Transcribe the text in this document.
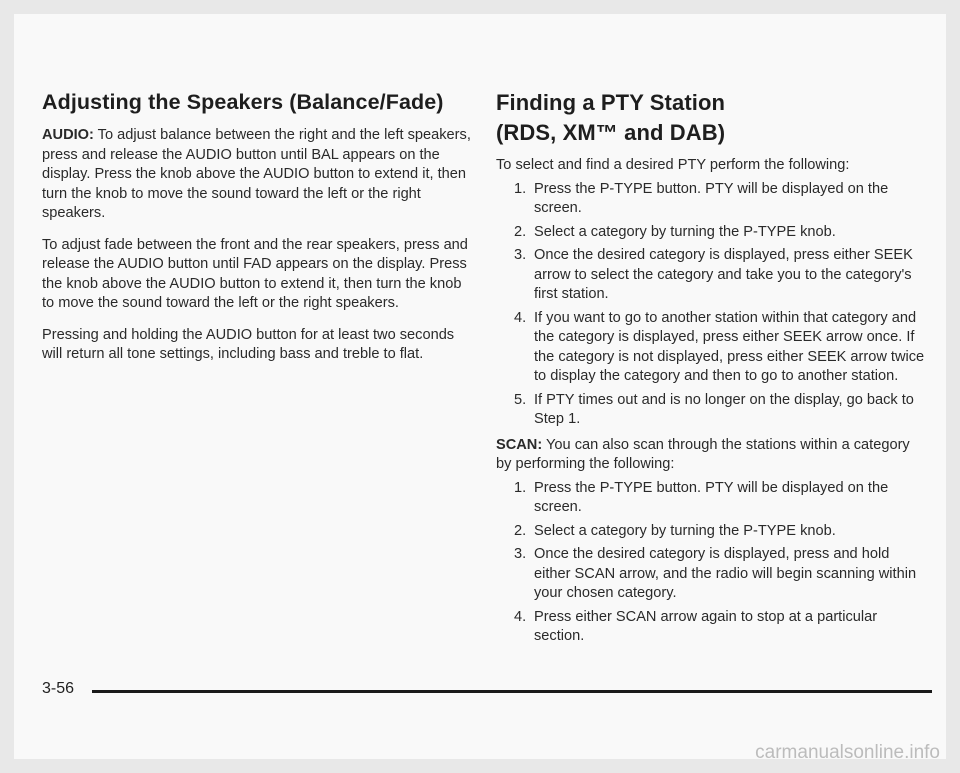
Adjusting the Speakers (Balance/Fade)

AUDIO: To adjust balance between the right and the left speakers, press and release the AUDIO button until BAL appears on the display. Press the knob above the AUDIO button to extend it, then turn the knob to move the sound toward the left or the right speakers.

To adjust fade between the front and the rear speakers, press and release the AUDIO button until FAD appears on the display. Press the knob above the AUDIO button to extend it, then turn the knob to move the sound toward the left or the right speakers.

Pressing and holding the AUDIO button for at least two seconds will return all tone settings, including bass and treble to flat.

Finding a PTY Station
(RDS, XM™ and DAB)

To select and find a desired PTY perform the following:

1. Press the P-TYPE button. PTY will be displayed on the screen.
2. Select a category by turning the P-TYPE knob.
3. Once the desired category is displayed, press either SEEK arrow to select the category and take you to the category's first station.
4. If you want to go to another station within that category and the category is displayed, press either SEEK arrow once. If the category is not displayed, press either SEEK arrow twice to display the category and then to go to another station.
5. If PTY times out and is no longer on the display, go back to Step 1.

SCAN: You can also scan through the stations within a category by performing the following:

1. Press the P-TYPE button. PTY will be displayed on the screen.
2. Select a category by turning the P-TYPE knob.
3. Once the desired category is displayed, press and hold either SCAN arrow, and the radio will begin scanning within your chosen category.
4. Press either SCAN arrow again to stop at a particular section.
3-56
carmanualsonline.info
